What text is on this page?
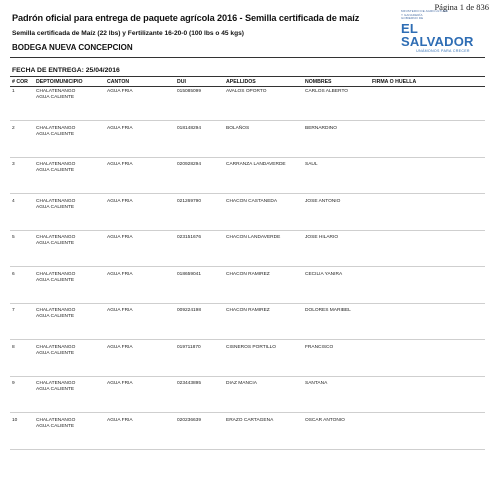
Página 1 de 836
MINISTERIO DE AGRICULTURA
Y GANADERÍA
GOBIERNO DE
EL SALVADOR
UNÁMONOS PARA CRECER
Padrón oficial para entrega de paquete agrícola 2016 - Semilla certificada de maíz
Semilla certificada de Maíz (22 lbs) y Fertilizante 16-20-0 (100 lbs o 45 kgs)
BODEGA NUEVA CONCEPCION
FECHA DE ENTREGA: 25/04/2016
# COR DEPTO/MUNICIPIO	CANTON	DUI	APELLIDOS	NOMBRES	FIRMA O HUELLA
1	CHALATENANGO
AGUA CALIENTE
AGUA FRIA	015085099	AVALOS OPORTO	CARLOS ALBERTO
2	CHALATENANGO
AGUA CALIENTE
AGUA FRIA	018148294	BOLAÑOS	BERNARDINO
3	CHALATENANGO
AGUA CALIENTE
AGUA FRIA	020928294	CARRANZA LANDAVERDE	SAUL
4	CHALATENANGO
AGUA CALIENTE
AGUA FRIA	021269790	CHACON CASTANEDA	JOSE ANTONIO
5	CHALATENANGO
AGUA CALIENTE
AGUA FRIA	023151676	CHACON LANDAVERDE	JOSE HILARIO
6	CHALATENANGO
AGUA CALIENTE
AGUA FRIA	018659041	CHACON RAMIREZ	CECILIA YANIRA
7	CHALATENANGO
AGUA CALIENTE
AGUA FRIA	009224198	CHACON RAMIREZ	DOLORES MARIBEL
8	CHALATENANGO
AGUA CALIENTE
AGUA FRIA	019711870	CISNEROS PORTILLO	FRANCISCO
9	CHALATENANGO
AGUA CALIENTE
AGUA FRIA	023443895	DIAZ MANCIA	SANTANA
10	CHALATENANGO
AGUA CALIENTE
AGUA FRIA	020236639	ERAZO CARTAGENA	OSCAR ANTONIO
